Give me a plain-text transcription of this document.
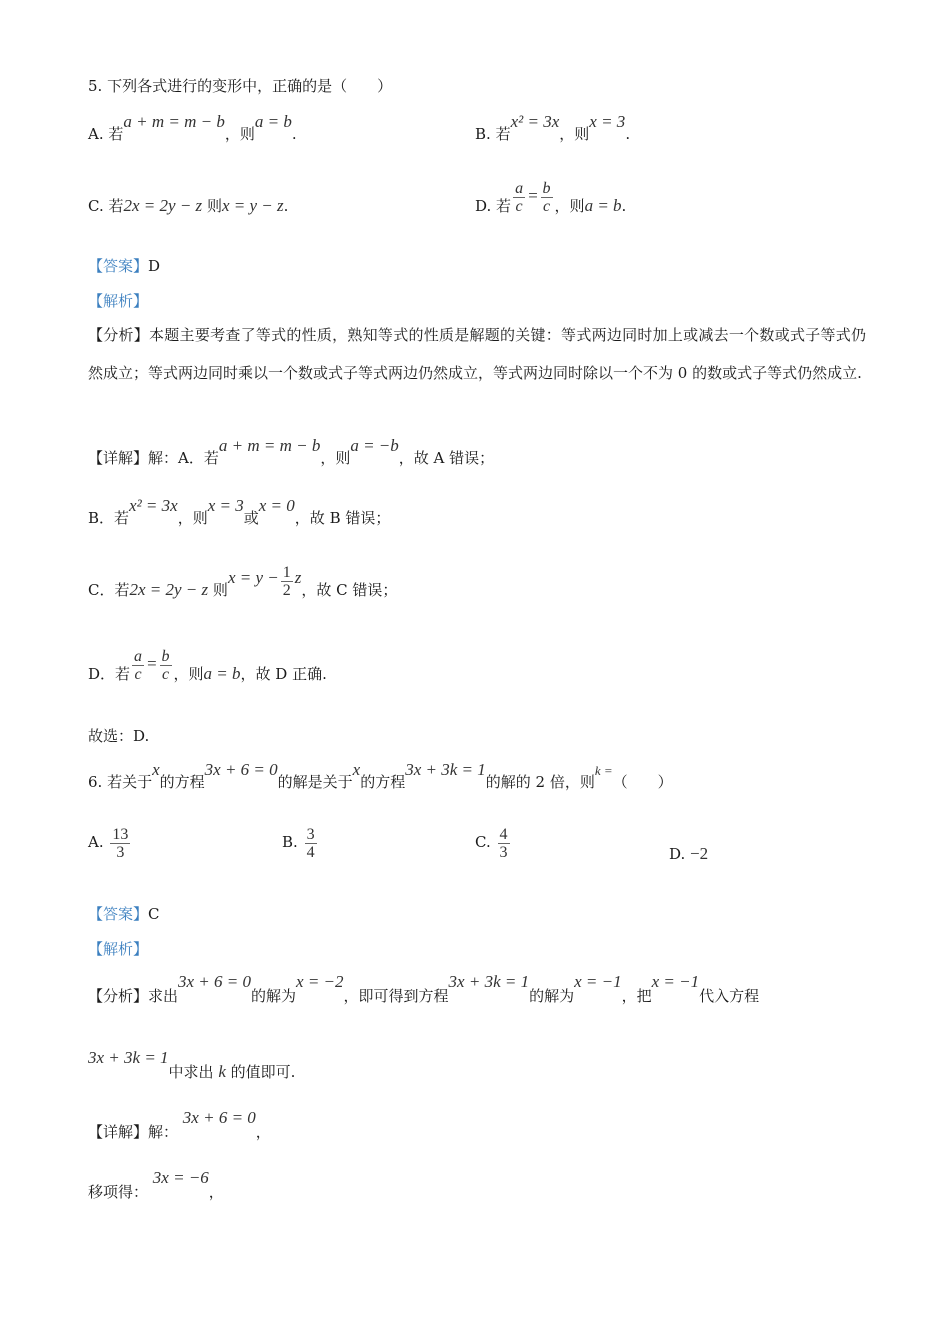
5. 下列各式进行的变形中，正确的是（　　）
A. 若a + m = m − b，则a = b.	B. 若x² = 3x，则x = 3.
C. 若2x = 2y − z 则x = y − z.	D. 若 $\frac{a}{c} = \frac{b}{c}$ ，则a = b.
【答案】D
【解析】
【分析】本题主要考查了等式的性质，熟知等式的性质是解题的关键：等式两边同时加上或减去一个数或式子等式仍然成立；等式两边同时乘以一个数或式子等式两边仍然成立，等式两边同时除以一个不为 0 的数或式子等式仍然成立.
【详解】解：A．若a + m = m − b，则a = −b，故 A 错误；
B．若x² = 3x，则x = 3或x = 0，故 B 错误；
C．若2x = 2y − z 则$x = y - \frac{1}{2}$ z，故 C 错误；
D．若 $\frac{a}{c} = \frac{b}{c}$ ，则a = b，故 D 正确.
故选：D.
6. 若关于x的方程3x + 6 = 0的解是关于x的方程3x + 3k = 1的解的 2 倍，则k =（　　）
A. $\frac{13}{3}$	B. $\frac{3}{4}$	C. $\frac{4}{3}$	D. −2
【答案】C
【解析】
【分析】求出3x + 6 = 0的解为x = −2，即可得到方程3x + 3k = 1的解为x = −1，把x = −1代入方程
3x + 3k = 1中求出 k 的值即可.
【详解】解： 3x + 6 = 0，
移项得： 3x = −6，
